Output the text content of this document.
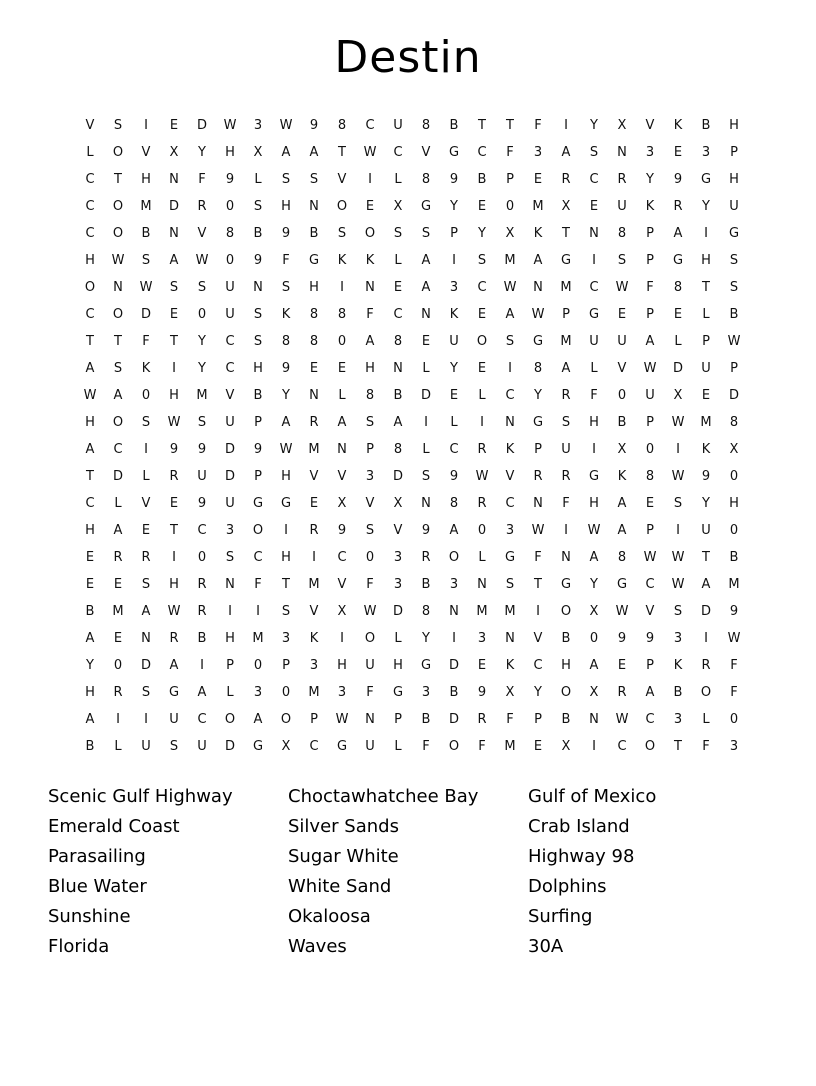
Destin
V	S	I	E	D	W	3	W	9	8	C	U	8	B	T	T	F	I	Y	X	V	K	B	H
L	O	V	X	Y	H	X	A	A	T	W	C	V	G	C	F	3	A	S	N	3	E	3	P
C	T	H	N	F	9	L	S	S	V	I	L	8	9	B	P	E	R	C	R	Y	9	G	H
C	O	M	D	R	0	S	H	N	O	E	X	G	Y	E	0	M	X	E	U	K	R	Y	U
C	O	B	N	V	8	B	9	B	S	O	S	S	P	Y	X	K	T	N	8	P	A	I	G
H	W	S	A	W	0	9	F	G	K	K	L	A	I	S	M	A	G	I	S	P	G	H	S
O	N	W	S	S	U	N	S	H	I	N	E	A	3	C	W	N	M	C	W	F	8	T	S
C	O	D	E	0	U	S	K	8	8	F	C	N	K	E	A	W	P	G	E	P	E	L	B
T	T	F	T	Y	C	S	8	8	0	A	8	E	U	O	S	G	M	U	U	A	L	P	W
A	S	K	I	Y	C	H	9	E	E	H	N	L	Y	E	I	8	A	L	V	W	D	U	P
W	A	0	H	M	V	B	Y	N	L	8	B	D	E	L	C	Y	R	F	0	U	X	E	D
H	O	S	W	S	U	P	A	R	A	S	A	I	L	I	N	G	S	H	B	P	W	M	8
A	C	I	9	9	D	9	W	M	N	P	8	L	C	R	K	P	U	I	X	0	I	K	X
T	D	L	R	U	D	P	H	V	V	3	D	S	9	W	V	R	R	G	K	8	W	9	0
C	L	V	E	9	U	G	G	E	X	V	X	N	8	R	C	N	F	H	A	E	S	Y	H
H	A	E	T	C	3	O	I	R	9	S	V	9	A	0	3	W	I	W	A	P	I	U	0
E	R	R	I	0	S	C	H	I	C	0	3	R	O	L	G	F	N	A	8	W	W	T	B
E	E	S	H	R	N	F	T	M	V	F	3	B	3	N	S	T	G	Y	G	C	W	A	M
B	M	A	W	R	I	I	S	V	X	W	D	8	N	M	M	I	O	X	W	V	S	D	9
A	E	N	R	B	H	M	3	K	I	O	L	Y	I	3	N	V	B	0	9	9	3	I	W
Y	0	D	A	I	P	0	P	3	H	U	H	G	D	E	K	C	H	A	E	P	K	R	F
H	R	S	G	A	L	3	0	M	3	F	G	3	B	9	X	Y	O	X	R	A	B	O	F
A	I	I	U	C	O	A	O	P	W	N	P	B	D	R	F	P	B	N	W	C	3	L	0
B	L	U	S	U	D	G	X	C	G	U	L	F	O	F	M	E	X	I	C	O	T	F	3
Scenic Gulf Highway
Emerald Coast
Parasailing
Blue Water
Sunshine
Florida
Choctawhatchee Bay
Silver Sands
Sugar White
White Sand
Okaloosa
Waves
Gulf of Mexico
Crab Island
Highway 98
Dolphins
Surfing
30A
